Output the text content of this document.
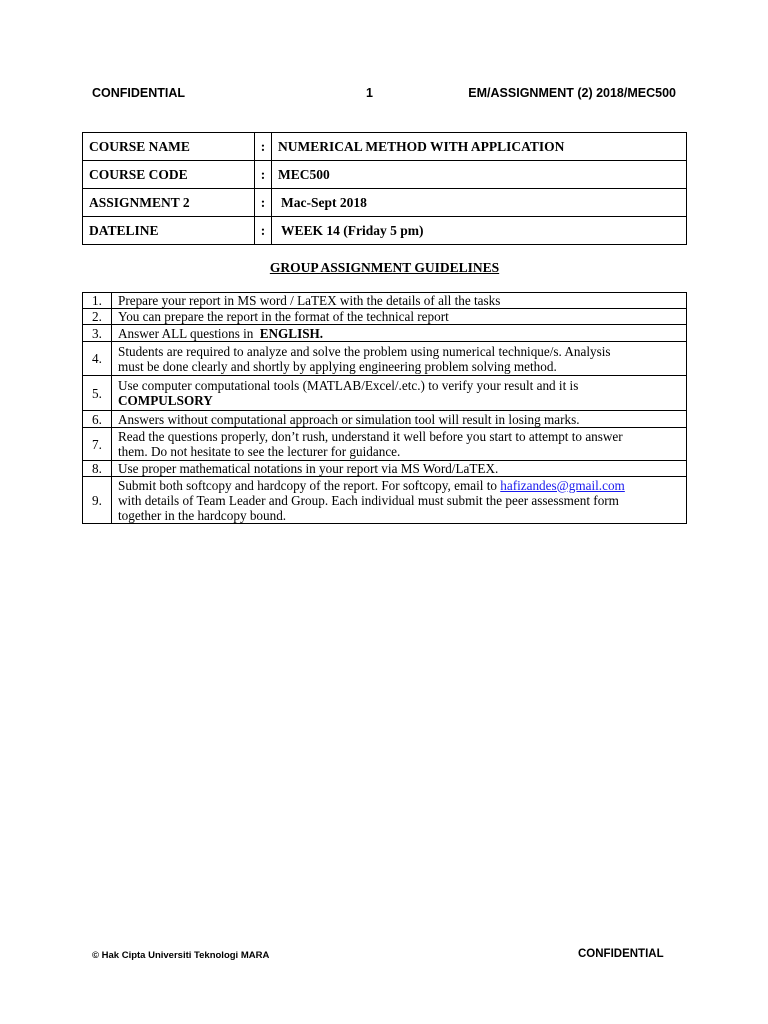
CONFIDENTIAL	1	EM/ASSIGNMENT (2) 2018/MEC500
COURSE NAME	:	NUMERICAL METHOD WITH APPLICATION
COURSE CODE	:	MEC500
ASSIGNMENT 2	:	Mac-Sept 2018
DATELINE	:	WEEK 14 (Friday 5 pm)
GROUP ASSIGNMENT GUIDELINES
1.	Prepare your report in MS word / LaTEX with the details of all the tasks
2.	You can prepare the report in the format of the technical report
3.	Answer ALL questions in ENGLISH.
4.	Students are required to analyze and solve the problem using numerical technique/s. Analysis
must be done clearly and shortly by applying engineering problem solving method.

5.	Use computer computational tools (MATLAB/Excel/.etc.) to verify your result and it is
COMPULSORY

6.	Answers without computational approach or simulation tool will result in losing marks.
7.	Read the questions properly, don’t rush, understand it well before you start to attempt to answer
them. Do not hesitate to see the lecturer for guidance.

8.	Use proper mathematical notations in your report via MS Word/LaTEX.
9.	Submit both softcopy and hardcopy of the report. For softcopy, email to hafizandes@gmail.com
with details of Team Leader and Group. Each individual must submit the peer assessment form
together in the hardcopy bound.
© Hak Cipta Universiti Teknologi MARA	CONFIDENTIAL
